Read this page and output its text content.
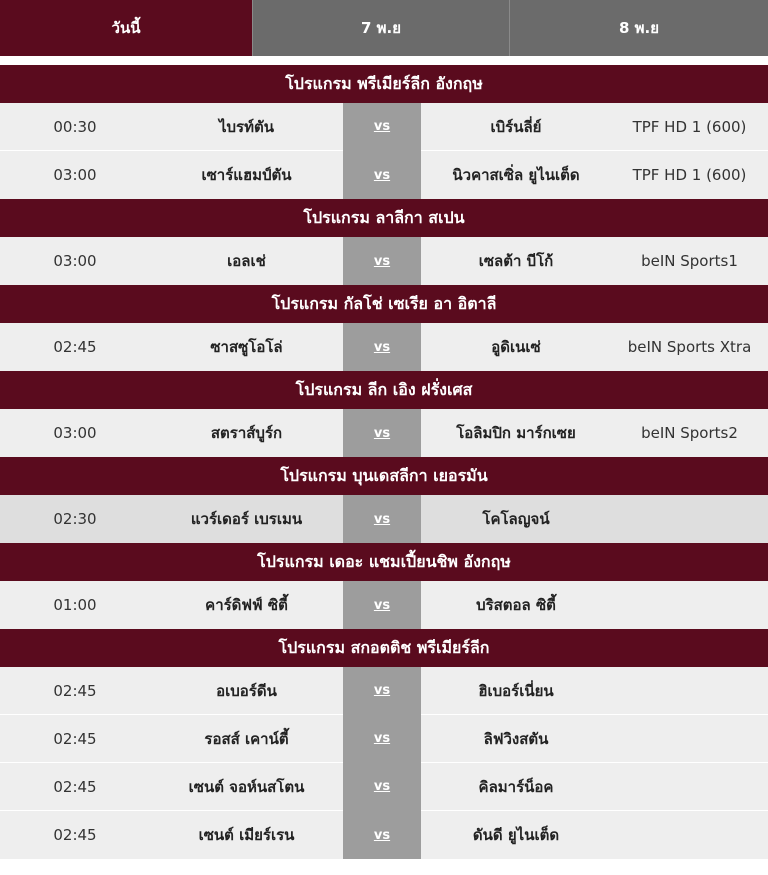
วันนี้	7 พ.ย	8 พ.ย
โปรแกรม พรีเมียร์ลีก อังกฤษ
00:30	ไบรท์ตัน	vs	เบิร์นลี่ย์	TPF HD 1 (600)
03:00	เซาร์แฮมป์ตัน	vs	นิวคาสเซิ่ล ยูไนเต็ด	TPF HD 1 (600)
โปรแกรม ลาลีกา สเปน
03:00	เอลเช่	vs	เซลต้า บีโก้	beIN Sports1
โปรแกรม กัลโช่ เซเรีย อา อิตาลี
02:45	ซาสซูโอโล่	vs	อูดิเนเซ่	beIN Sports Xtra
โปรแกรม ลีก เอิง ฝรั่งเศส
03:00	สตราส์บูร์ก	vs	โอลิมปิก มาร์กเซย	beIN Sports2
โปรแกรม บุนเดสลีกา เยอรมัน
02:30	แวร์เดอร์ เบรเมน	vs	โคโลญจน์
โปรแกรม เดอะ แชมเปี้ยนชิพ อังกฤษ
01:00	คาร์ดิฟฟ์ ซิตี้	vs	บริสตอล ซิตี้
โปรแกรม สกอตติช พรีเมียร์ลีก
02:45	อเบอร์ดีน	vs	ฮิเบอร์เนี่ยน
02:45	รอสส์ เคาน์ตี้	vs	ลิฟวิงสตัน
02:45	เซนต์ จอห์นสโตน	vs	คิลมาร์น็อค
02:45	เซนต์ เมียร์เรน	vs	ดันดี ยูไนเต็ด
